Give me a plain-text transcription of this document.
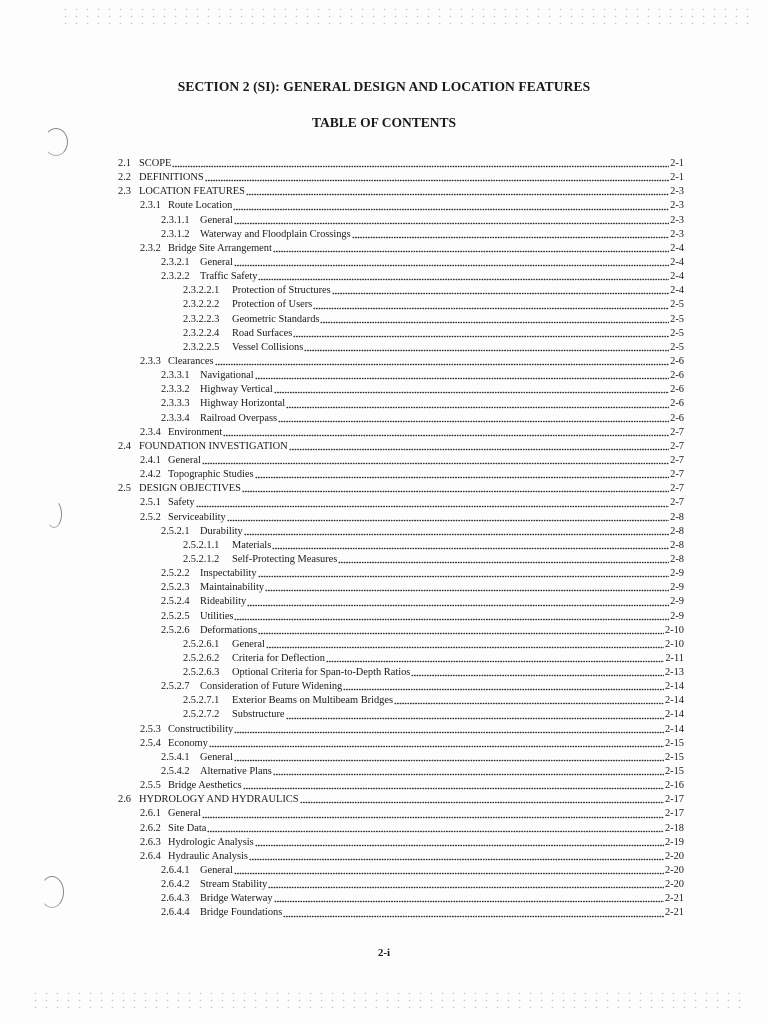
SECTION 2 (SI): GENERAL DESIGN AND LOCATION FEATURES
TABLE OF CONTENTS
2.1 SCOPE	2-1
2.2 DEFINITIONS	2-1
2.3 LOCATION FEATURES	2-3
2.3.1 Route Location	2-3
2.3.1.1 General	2-3
2.3.1.2 Waterway and Floodplain Crossings	2-3
2.3.2 Bridge Site Arrangement	2-4
2.3.2.1 General	2-4
2.3.2.2 Traffic Safety	2-4
2.3.2.2.1 Protection of Structures	2-4
2.3.2.2.2 Protection of Users	2-5
2.3.2.2.3 Geometric Standards	2-5
2.3.2.2.4 Road Surfaces	2-5
2.3.2.2.5 Vessel Collisions	2-5
2.3.3 Clearances	2-6
2.3.3.1 Navigational	2-6
2.3.3.2 Highway Vertical	2-6
2.3.3.3 Highway Horizontal	2-6
2.3.3.4 Railroad Overpass	2-6
2.3.4 Environment	2-7
2.4 FOUNDATION INVESTIGATION	2-7
2.4.1 General	2-7
2.4.2 Topographic Studies	2-7
2.5 DESIGN OBJECTIVES	2-7
2.5.1 Safety	2-7
2.5.2 Serviceability	2-8
2.5.2.1 Durability	2-8
2.5.2.1.1 Materials	2-8
2.5.2.1.2 Self-Protecting Measures	2-8
2.5.2.2 Inspectability	2-9
2.5.2.3 Maintainability	2-9
2.5.2.4 Rideability	2-9
2.5.2.5 Utilities	2-9
2.5.2.6 Deformations	2-10
2.5.2.6.1 General	2-10
2.5.2.6.2 Criteria for Deflection	2-11
2.5.2.6.3 Optional Criteria for Span-to-Depth Ratios	2-13
2.5.2.7 Consideration of Future Widening	2-14
2.5.2.7.1 Exterior Beams on Multibeam Bridges	2-14
2.5.2.7.2 Substructure	2-14
2.5.3 Constructibility	2-14
2.5.4 Economy	2-15
2.5.4.1 General	2-15
2.5.4.2 Alternative Plans	2-15
2.5.5 Bridge Aesthetics	2-16
2.6 HYDROLOGY AND HYDRAULICS	2-17
2.6.1 General	2-17
2.6.2 Site Data	2-18
2.6.3 Hydrologic Analysis	2-19
2.6.4 Hydraulic Analysis	2-20
2.6.4.1 General	2-20
2.6.4.2 Stream Stability	2-20
2.6.4.3 Bridge Waterway	2-21
2.6.4.4 Bridge Foundations	2-21
2-i
